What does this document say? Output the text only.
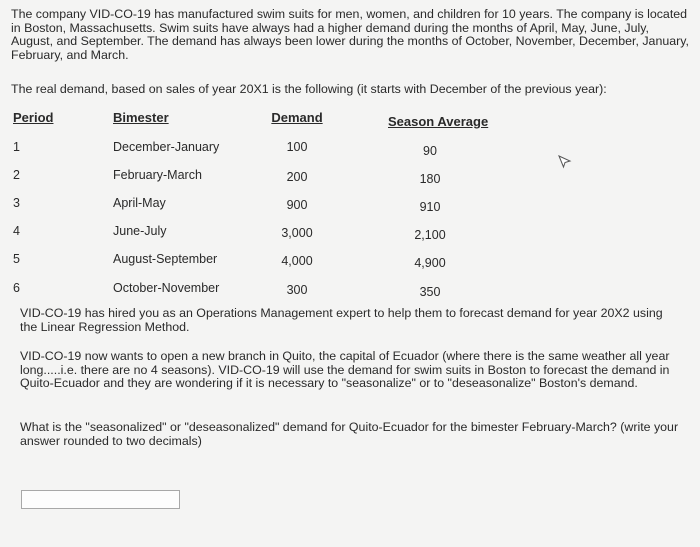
The company VID-CO-19 has manufactured swim suits for men, women, and children for 10 years. The company is located in Boston, Massachusetts. Swim suits have always had a higher demand during the months of April, May, June, July, August, and September. The demand has always been lower during the months of October, November, December, January, February, and March.

The real demand, based on sales of year 20X1 is the following (it starts with December of the previous year):

Period	Bimester	Demand	Season Average
1	December-January	100	90
2	February-March	200	180
3	April-May	900	910
4	June-July	3,000	2,100
5	August-September	4,000	4,900
6	October-November	300	350

VID-CO-19 has hired you as an Operations Management expert to help them to forecast demand for year 20X2 using the Linear Regression Method.

VID-CO-19 now wants to open a new branch in Quito, the capital of Ecuador (where there is the same weather all year long.....i.e. there are no 4 seasons). VID-CO-19 will use the demand for swim suits in Boston to forecast the demand in Quito-Ecuador and they are wondering if it is necessary to "seasonalize" or to "deseasonalize" Boston's demand.

What is the "seasonalized" or "deseasonalized" demand for Quito-Ecuador for the bimester February-March? (write your answer rounded to two decimals)
